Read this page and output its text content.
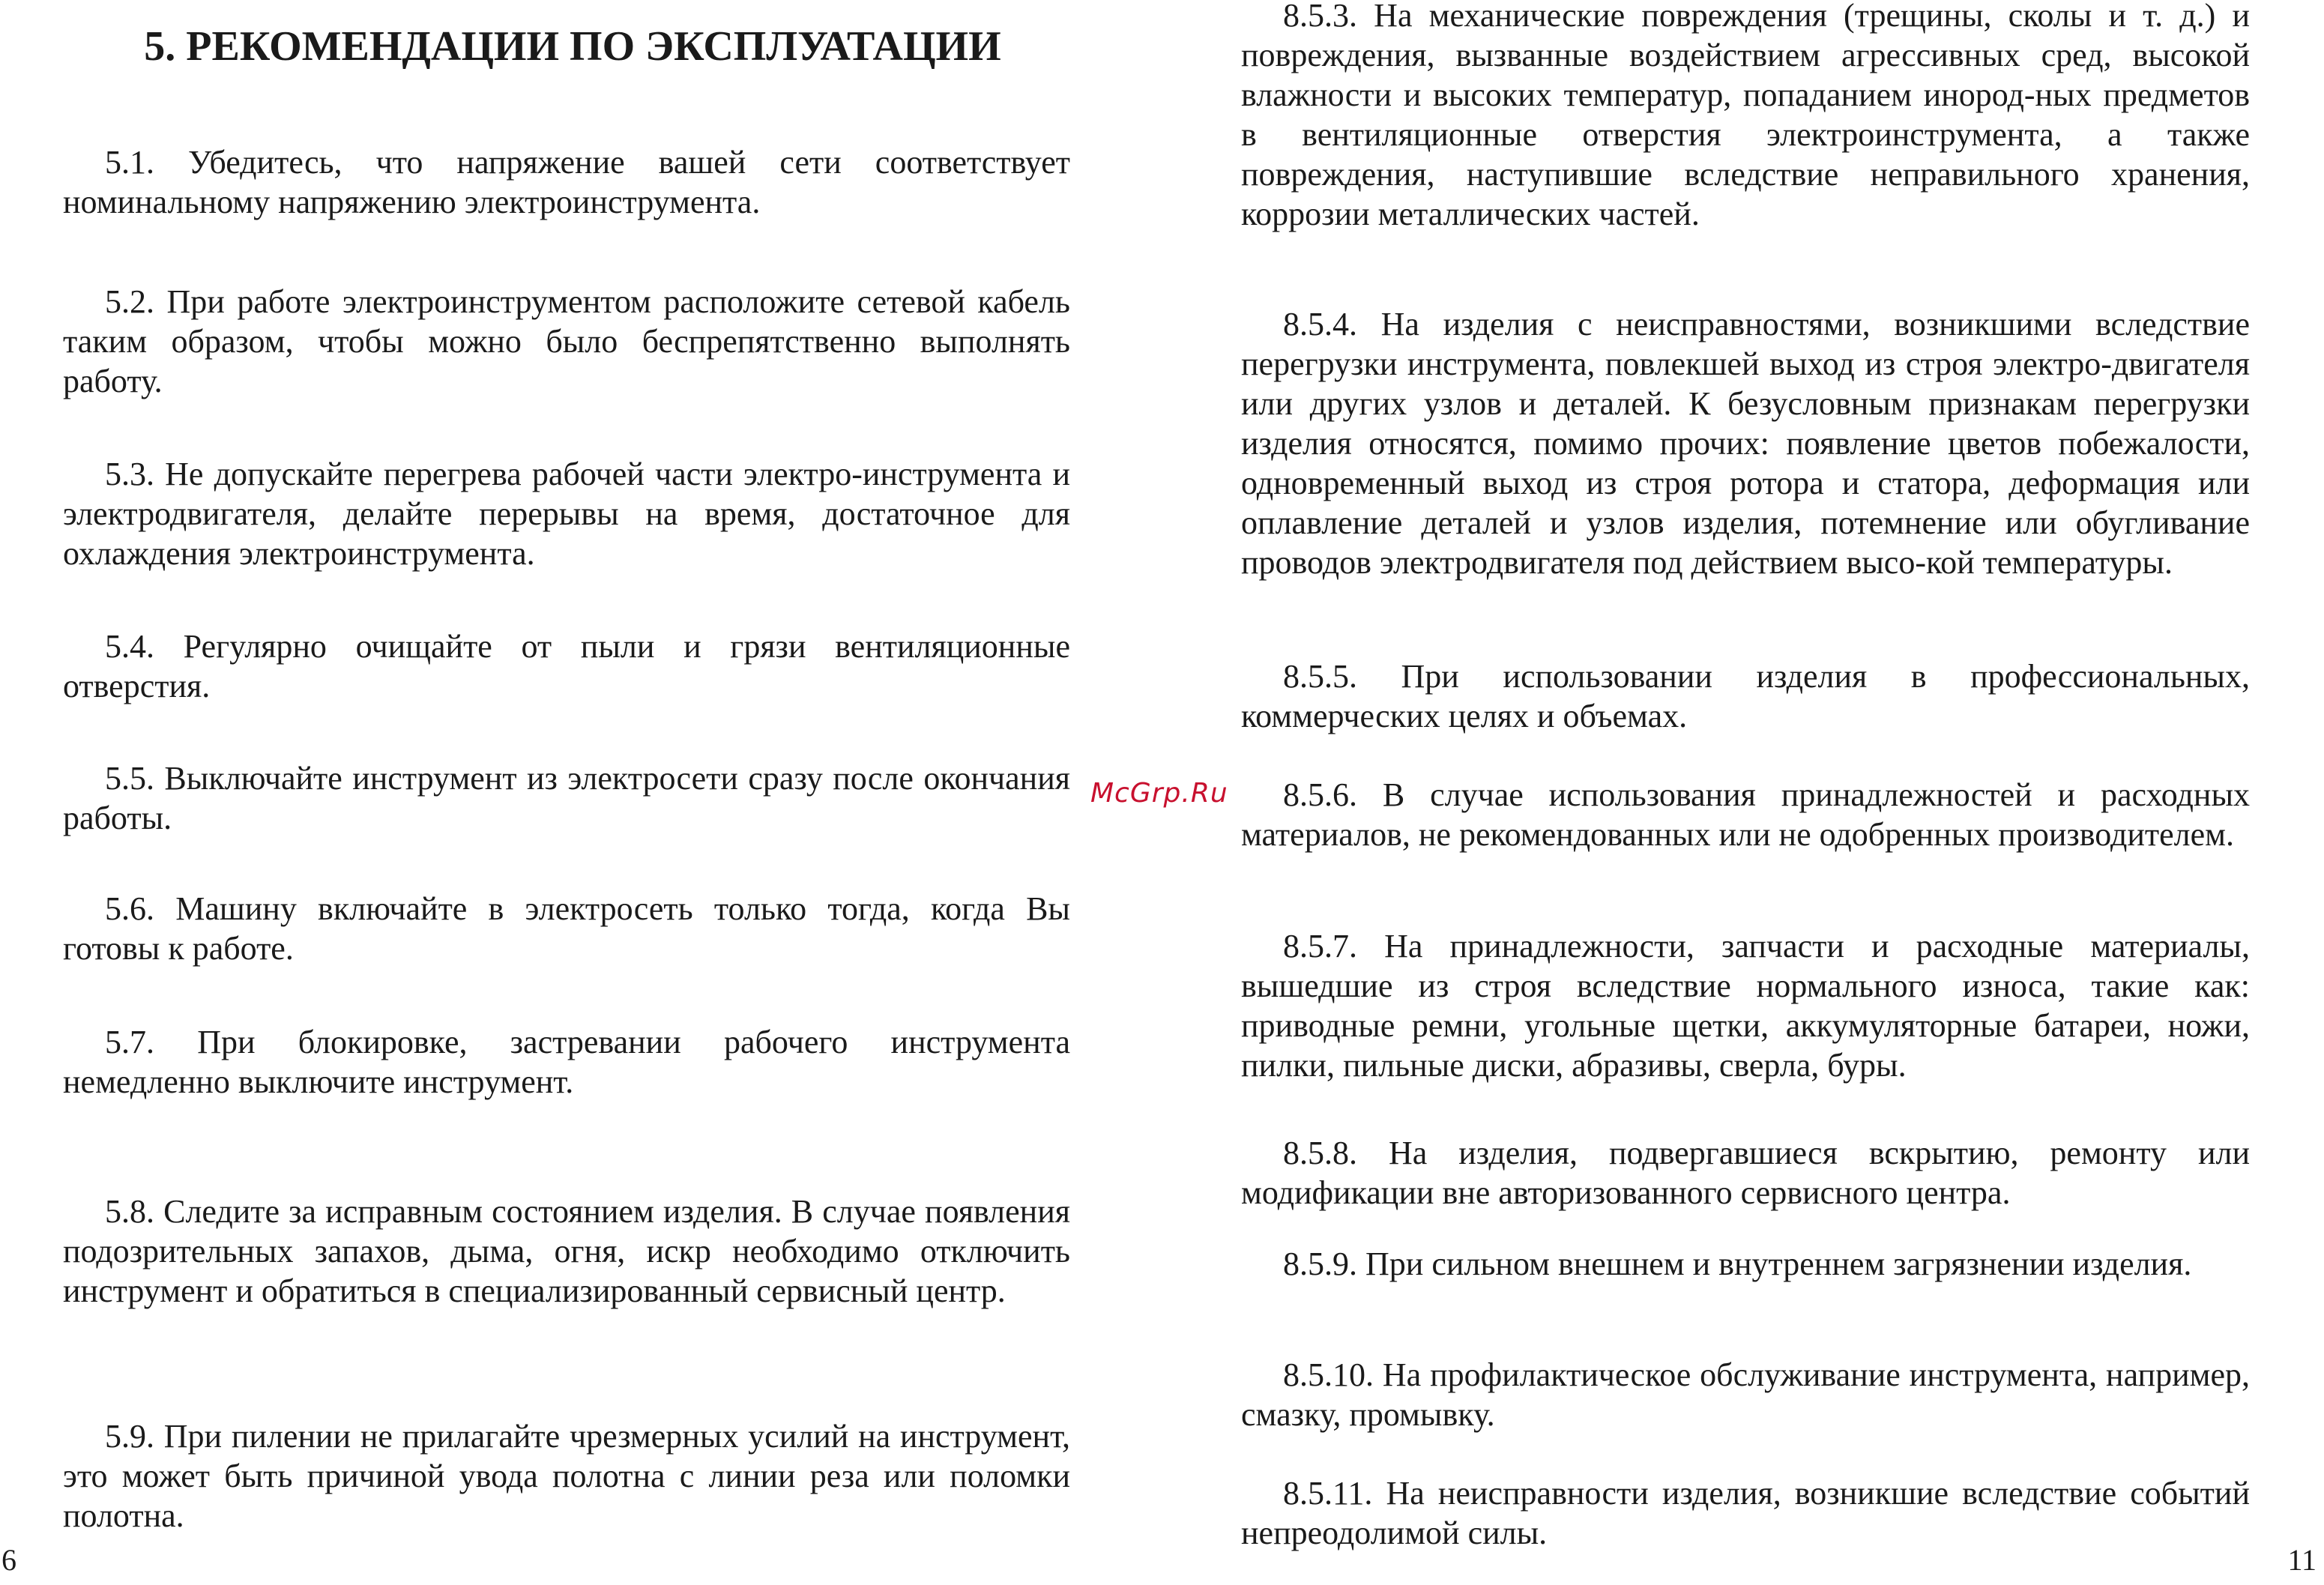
5. РЕКОМЕНДАЦИИ ПО ЭКСПЛУАТАЦИИ

5.1. Убедитесь, что напряжение вашей сети соответствует номинальному напряжению электроинструмента.

5.2. При работе электроинструментом расположите сетевой кабель таким образом, чтобы можно было беспрепятственно выполнять работу.

5.3. Не допускайте перегрева рабочей части электро-инструмента и электродвигателя, делайте перерывы на время, достаточное для охлаждения электроинструмента.

5.4. Регулярно очищайте от пыли и грязи вентиляционные отверстия.

5.5. Выключайте инструмент из электросети сразу после окончания работы.

5.6. Машину включайте в электросеть только тогда, когда Вы готовы к работе.

5.7. При блокировке, застревании рабочего инструмента немедленно выключите инструмент.

5.8. Следите за исправным состоянием изделия. В случае появления подозрительных запахов, дыма, огня, искр необходимо отключить инструмент и обратиться в специализированный сервисный центр.

5.9. При пилении не прилагайте чрезмерных усилий на инструмент, это может быть причиной увода полотна с линии реза или поломки полотна.

6

8.5.3. На механические повреждения (трещины, сколы и т. д.) и повреждения, вызванные воздействием агрессивных сред, высокой влажности и высоких температур, попаданием инород-ных предметов в вентиляционные отверстия электроинструмента, а также повреждения, наступившие вследствие неправильного хранения, коррозии металлических частей.

8.5.4. На изделия с неисправностями, возникшими вследствие перегрузки инструмента, повлекшей выход из строя электро-двигателя или других узлов и деталей. К безусловным признакам перегрузки изделия относятся, помимо прочих: появление цветов побежалости, одновременный выход из строя ротора и статора, деформация или оплавление деталей и узлов изделия, потемнение или обугливание проводов электродвигателя под действием высо-кой температуры.

8.5.5. При использовании изделия в профессиональных, коммерческих целях и объемах.

8.5.6. В случае использования принадлежностей и расходных материалов, не рекомендованных или не одобренных производителем.

8.5.7. На принадлежности, запчасти и расходные материалы, вышедшие из строя вследствие нормального износа, такие как: приводные ремни, угольные щетки, аккумуляторные батареи, ножи, пилки, пильные диски, абразивы, сверла, буры.

8.5.8. На изделия, подвергавшиеся вскрытию, ремонту или модификации вне авторизованного сервисного центра.

8.5.9. При сильном внешнем и внутреннем загрязнении изделия.

8.5.10. На профилактическое обслуживание инструмента, например, смазку, промывку.

8.5.11. На неисправности изделия, возникшие вследствие событий непреодолимой силы.

11
McGrp.Ru
